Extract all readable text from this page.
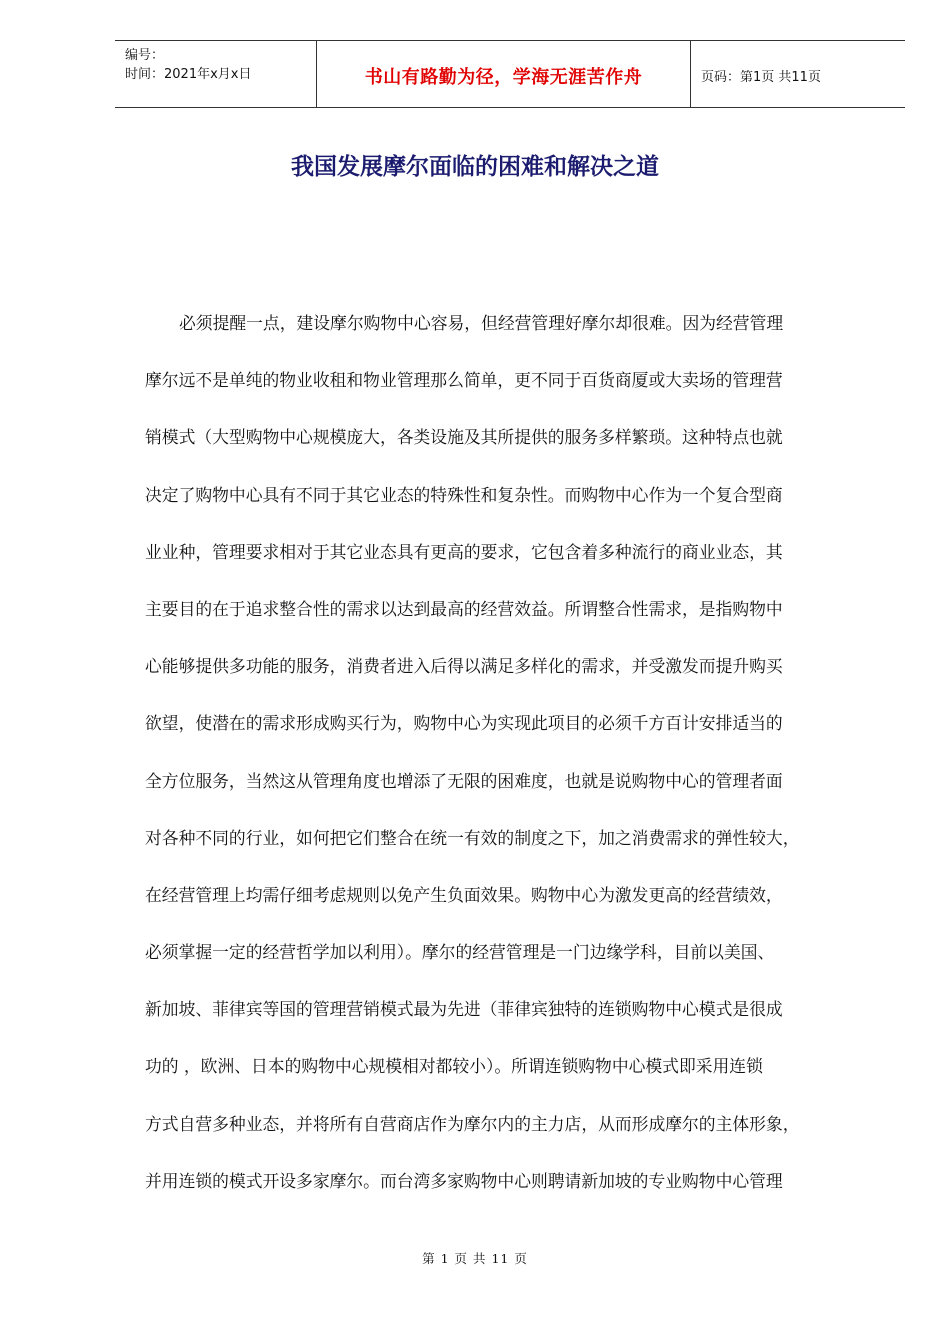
编号：
时间：2021年x月x日	书山有路勤为径，学海无涯苦作舟	页码：第1页 共11页
我国发展摩尔面临的困难和解决之道
必须提醒一点，建设摩尔购物中心容易，但经营管理好摩尔却很难。因为经营管理
摩尔远不是单纯的物业收租和物业管理那么简单，更不同于百货商厦或大卖场的管理营
销模式（大型购物中心规模庞大，各类设施及其所提供的服务多样繁琐。这种特点也就
决定了购物中心具有不同于其它业态的特殊性和复杂性。而购物中心作为一个复合型商
业业种，管理要求相对于其它业态具有更高的要求，它包含着多种流行的商业业态，其
主要目的在于追求整合性的需求以达到最高的经营效益。所谓整合性需求，是指购物中
心能够提供多功能的服务，消费者进入后得以满足多样化的需求，并受激发而提升购买
欲望，使潜在的需求形成购买行为，购物中心为实现此项目的必须千方百计安排适当的
全方位服务，当然这从管理角度也增添了无限的困难度，也就是说购物中心的管理者面
对各种不同的行业，如何把它们整合在统一有效的制度之下，加之消费需求的弹性较大，
在经营管理上均需仔细考虑规则以免产生负面效果。购物中心为激发更高的经营绩效，
必须掌握一定的经营哲学加以利用）。摩尔的经营管理是一门边缘学科，目前以美国、
新加坡、菲律宾等国的管理营销模式最为先进（菲律宾独特的连锁购物中心模式是很成
功的 ，欧洲、日本的购物中心规模相对都较小）。所谓连锁购物中心模式即采用连锁
方式自营多种业态，并将所有自营商店作为摩尔内的主力店，从而形成摩尔的主体形象，
并用连锁的模式开设多家摩尔。而台湾多家购物中心则聘请新加坡的专业购物中心管理
第 1 页 共 11 页
